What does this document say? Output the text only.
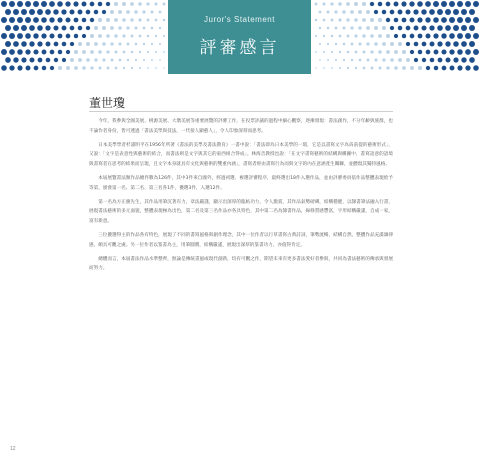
Juror's Statement
評審感言
董世瓊

今年，我參與全國美展、桃源美展、大墩美展等重要展覽的評審工作，在投票評議的過程中細心觀察，逐漸發現：書法創作，不分年齡與族群，也不論作者身份，皆可透過「書法美學與技法，一代接人顯藝人」，令人印象深刻而思考。

日本美學學者杉浦明平在1956年所著《書法的美學及書法教育》一書中說：「書法即為日本美學的一環，它是以書寫文字為爲前提的藝術形式」，又說：「文字是表意性與藝術的結合，而書法則是文字與其它的東西組合得成」。林海音教授也說：「在文字書寫藝術的結構與構圖中，書寫語意的語境與書寫者在思考的結果而呈現，且文字本身就具有文化與藝術的雙重內涵」，書寫者經由書寫行為而與文字的內在意涵產生關聯，並體現其獨特風格。

本屆展覽書法類作品總件數為126件，其中3件來自國外，經過初選、複選評審程序，最終選出18件入選作品，並由評審委員依作品整體表現給予等第，頒發第一名、第二名、第三名各1件，優選3件，入選12件。

第一名為方正慶先生，其作品用筆沉著有力，章法嚴謹，顯示出深厚的臨帖功力，令人激賞，其作品氣勢磅礡，結構穩健，以隸書筆法融入行書，展現書法藝術的多元面貌，整體表現極為出色，第二名及第三名作品亦各具特色，其中第二名為隸書作品，線條質感豐富，字形結構嚴謹，自成一家，富有新意。

三位優選得主的作品各有特色，展現了不同的書寫風格與創作理念，其中一位作者以行草書寫古典詩詞，筆勢流暢，結構自然，整體作品充滿韻律感，頗具可觀之處。另一位作者以篆書為主，用筆圓潤，結構嚴謹，展現出深厚的篆書功力，亦值得肯定。

總體而言，本屆書法作品水準整齊，無論是傳統書風或現代創新，均有可觀之作，期望未來有更多書法愛好者參與，共同為書法藝術的傳承與發展而努力。

12
